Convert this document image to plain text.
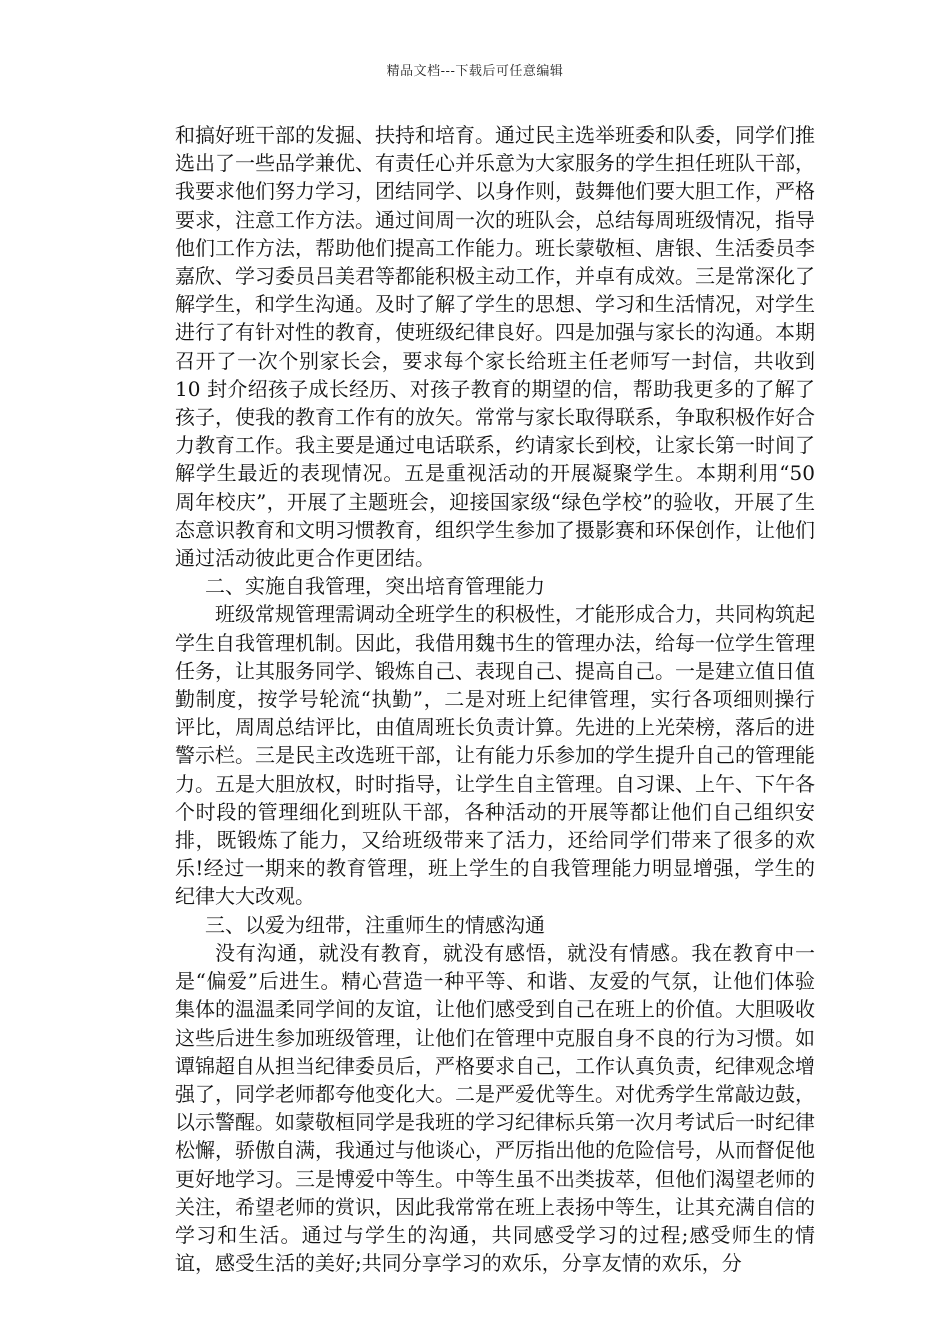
精品文档---下载后可任意编辑

和搞好班干部的发掘、扶持和培育。通过民主选举班委和队委，同学们推选出了一些品学兼优、有责任心并乐意为大家服务的学生担任班队干部，我要求他们努力学习，团结同学、以身作则，鼓舞他们要大胆工作，严格要求，注意工作方法。通过间周一次的班队会，总结每周班级情况，指导他们工作方法，帮助他们提高工作能力。班长蒙敬桓、唐银、生活委员李嘉欣、学习委员吕美君等都能积极主动工作，并卓有成效。三是常深化了解学生，和学生沟通。及时了解了学生的思想、学习和生活情况，对学生进行了有针对性的教育，使班级纪律良好。四是加强与家长的沟通。本期召开了一次个别家长会，要求每个家长给班主任老师写一封信，共收到 10 封介绍孩子成长经历、对孩子教育的期望的信，帮助我更多的了解了孩子，使我的教育工作有的放矢。常常与家长取得联系，争取积极作好合力教育工作。我主要是通过电话联系，约请家长到校，让家长第一时间了解学生最近的表现情况。五是重视活动的开展凝聚学生。本期利用“50 周年校庆”，开展了主题班会，迎接国家级“绿色学校”的验收，开展了生态意识教育和文明习惯教育，组织学生参加了摄影赛和环保创作，让他们通过活动彼此更合作更团结。

二、实施自我管理，突出培育管理能力

班级常规管理需调动全班学生的积极性，才能形成合力，共同构筑起学生自我管理机制。因此，我借用魏书生的管理办法，给每一位学生管理任务，让其服务同学、锻炼自己、表现自己、提高自己。一是建立值日值勤制度，按学号轮流“执勤”，二是对班上纪律管理，实行各项细则操行评比，周周总结评比，由值周班长负责计算。先进的上光荣榜，落后的进警示栏。三是民主改选班干部，让有能力乐参加的学生提升自己的管理能力。五是大胆放权，时时指导，让学生自主管理。自习课、上午、下午各个时段的管理细化到班队干部，各种活动的开展等都让他们自己组织安排，既锻炼了能力，又给班级带来了活力，还给同学们带来了很多的欢乐!经过一期来的教育管理，班上学生的自我管理能力明显增强，学生的纪律大大改观。

三、以爱为纽带，注重师生的情感沟通

没有沟通，就没有教育，就没有感悟，就没有情感。我在教育中一是“偏爱”后进生。精心营造一种平等、和谐、友爱的气氛，让他们体验集体的温温柔同学间的友谊，让他们感受到自己在班上的价值。大胆吸收这些后进生参加班级管理，让他们在管理中克服自身不良的行为习惯。如谭锦超自从担当纪律委员后，严格要求自己，工作认真负责，纪律观念增强了，同学老师都夸他变化大。二是严爱优等生。对优秀学生常敲边鼓，以示警醒。如蒙敬桓同学是我班的学习纪律标兵第一次月考试后一时纪律松懈，骄傲自满，我通过与他谈心，严厉指出他的危险信号，从而督促他更好地学习。三是博爱中等生。中等生虽不出类拔萃，但他们渴望老师的关注，希望老师的赏识，因此我常常在班上表扬中等生，让其充满自信的学习和生活。通过与学生的沟通，共同感受学习的过程;感受师生的情谊，感受生活的美好;共同分享学习的欢乐，分享友情的欢乐，分
